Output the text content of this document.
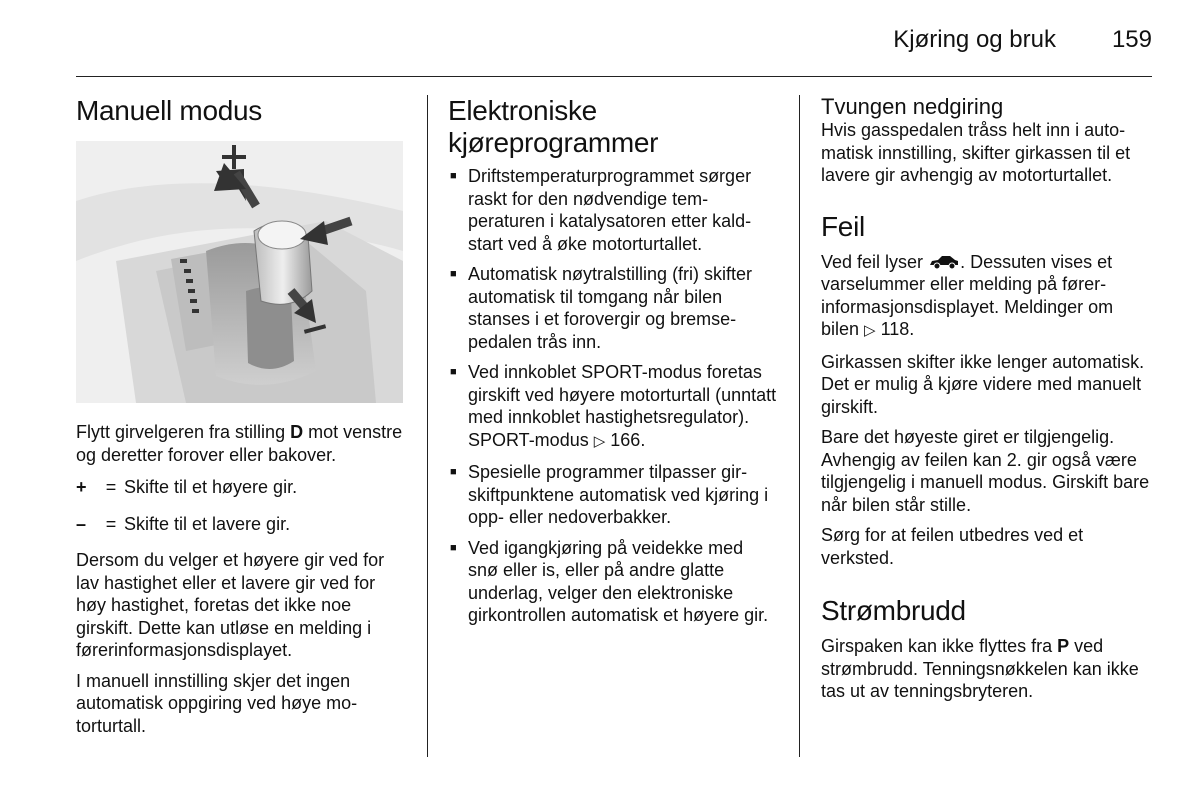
Kjøring og bruk 159
Manuell modus

Flytt girvelgeren fra stilling D mot venstre og deretter forover eller bakover.

+	= Skifte til et høyere gir.
–	= Skifte til et lavere gir.

Dersom du velger et høyere gir ved for lav hastighet eller et lavere gir ved for høy hastighet, foretas det ikke noe girskift. Dette kan utløse en melding i førerinformasjonsdisplayet.

I manuell innstilling skjer det ingen automatisk oppgiring ved høye motorturtall.

Elektroniske kjøreprogrammer
■ Driftstemperaturprogrammet sørger raskt for den nødvendige temperaturen i katalysatoren etter kaldstart ved å øke motorturtallet.
■ Automatisk nøytralstilling (fri) skifter automatisk til tomgang når bilen stanses i et forovergir og bremsepedalen trås inn.
■ Ved innkoblet SPORT-modus foretas girskift ved høyere motorturtall (unntatt med innkoblet hastighetsregulator). SPORT-modus ▷ 166.
■ Spesielle programmer tilpasser girskiftpunktene automatisk ved kjøring i opp- eller nedoverbakker.
■ Ved igangkjøring på veidekke med snø eller is, eller på andre glatte underlag, velger den elektroniske girkontrollen automatisk et høyere gir.
Tvungen nedgiring

Hvis gasspedalen tråss helt inn i automatisk innstilling, skifter girkassen til et lavere gir avhengig av motorturtallet.

Feil

Ved feil lyser . Dessuten vises et varselummer eller melding på førerinformasjonsdisplayet. Meldinger om bilen ▷ 118.

Girkassen skifter ikke lenger automatisk. Det er mulig å kjøre videre med manuelt girskift.

Bare det høyeste giret er tilgjengelig. Avhengig av feilen kan 2. gir også være tilgjengelig i manuell modus. Girskift bare når bilen står stille.

Sørg for at feilen utbedres ved et verksted.

Strømbrudd

Girspaken kan ikke flyttes fra P ved strømbrudd. Tenningsnøkkelen kan ikke tas ut av tenningsbryteren.
